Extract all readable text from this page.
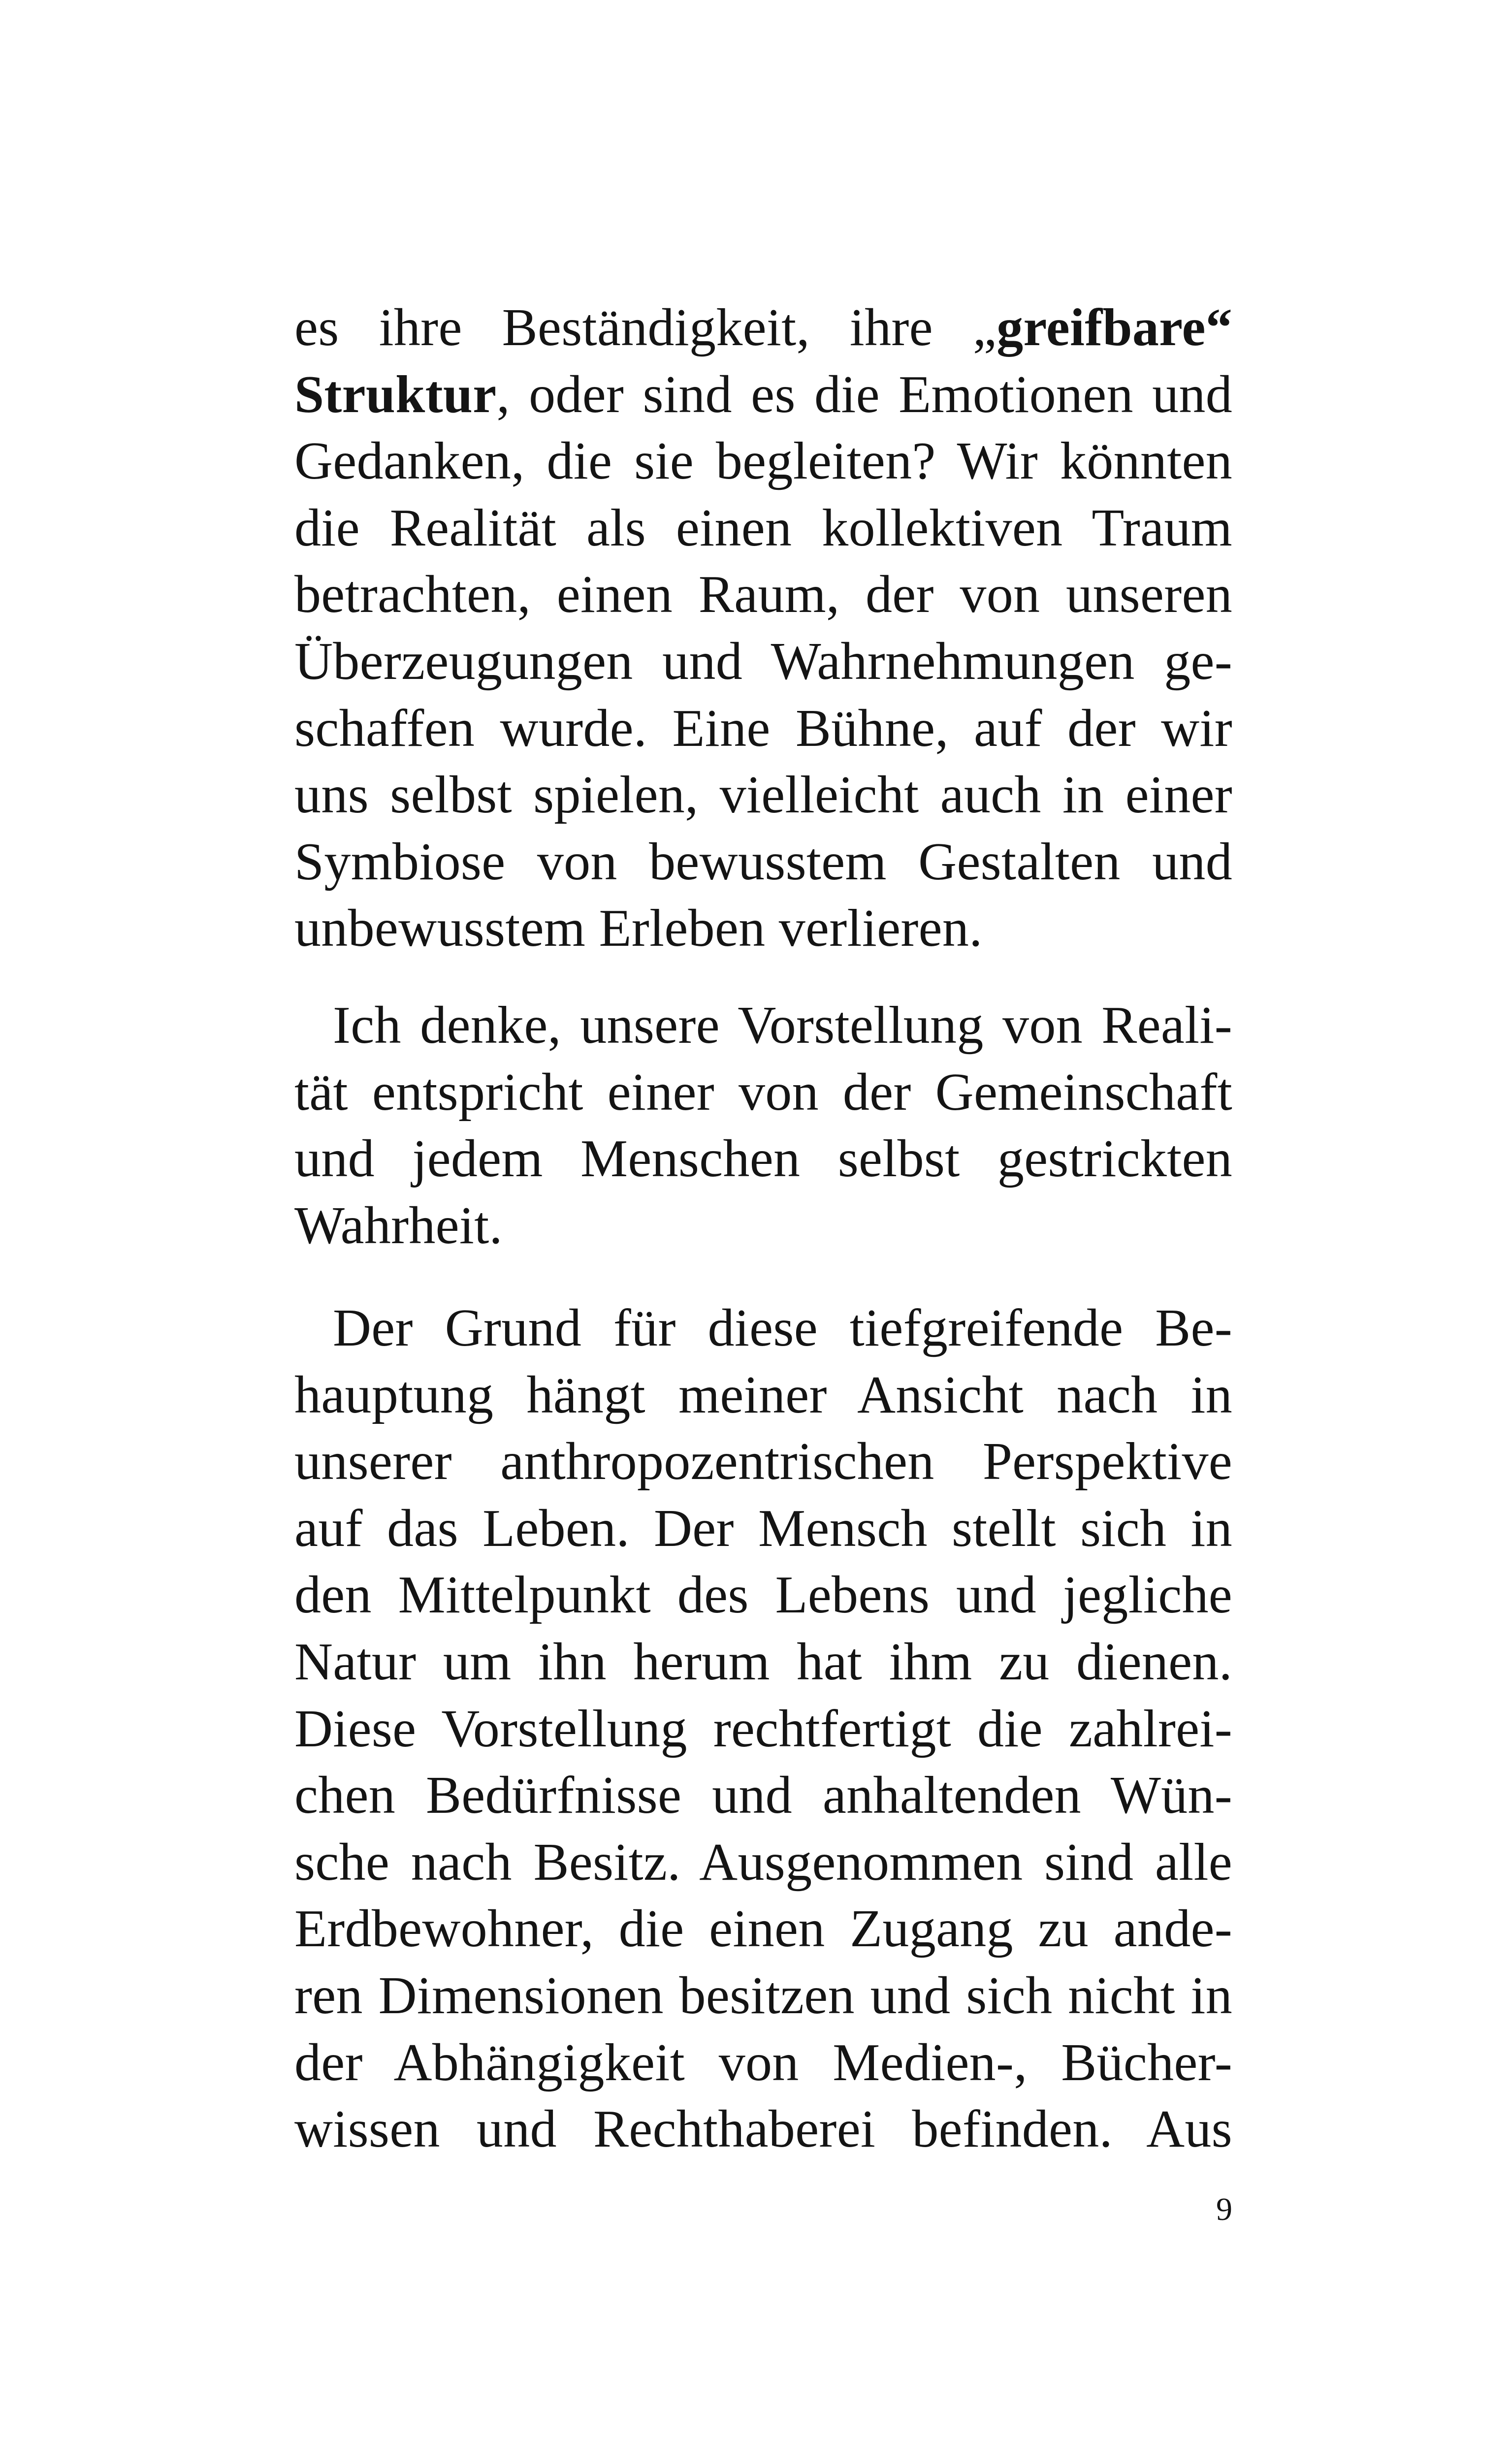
es ihre Beständigkeit, ihre „greifbare“
Struktur, oder sind es die Emotionen und
Gedanken, die sie begleiten? Wir könnten
die Realität als einen kollektiven Traum
betrachten, einen Raum, der von unseren
Überzeugungen und Wahrnehmungen ge-
schaffen wurde. Eine Bühne, auf der wir
uns selbst spielen, vielleicht auch in einer
Symbiose von bewusstem Gestalten und
unbewusstem Erleben verlieren.

Ich denke, unsere Vorstellung von Reali-
tät entspricht einer von der Gemeinschaft
und jedem Menschen selbst gestrickten
Wahrheit.

Der Grund für diese tiefgreifende Be-
hauptung hängt meiner Ansicht nach in
unserer anthropozentrischen Perspektive
auf das Leben. Der Mensch stellt sich in
den Mittelpunkt des Lebens und jegliche
Natur um ihn herum hat ihm zu dienen.
Diese Vorstellung rechtfertigt die zahlrei-
chen Bedürfnisse und anhaltenden Wün-
sche nach Besitz. Ausgenommen sind alle
Erdbewohner, die einen Zugang zu ande-
ren Dimensionen besitzen und sich nicht in
der Abhängigkeit von Medien-, Bücher-
wissen und Rechthaberei befinden. Aus

9
